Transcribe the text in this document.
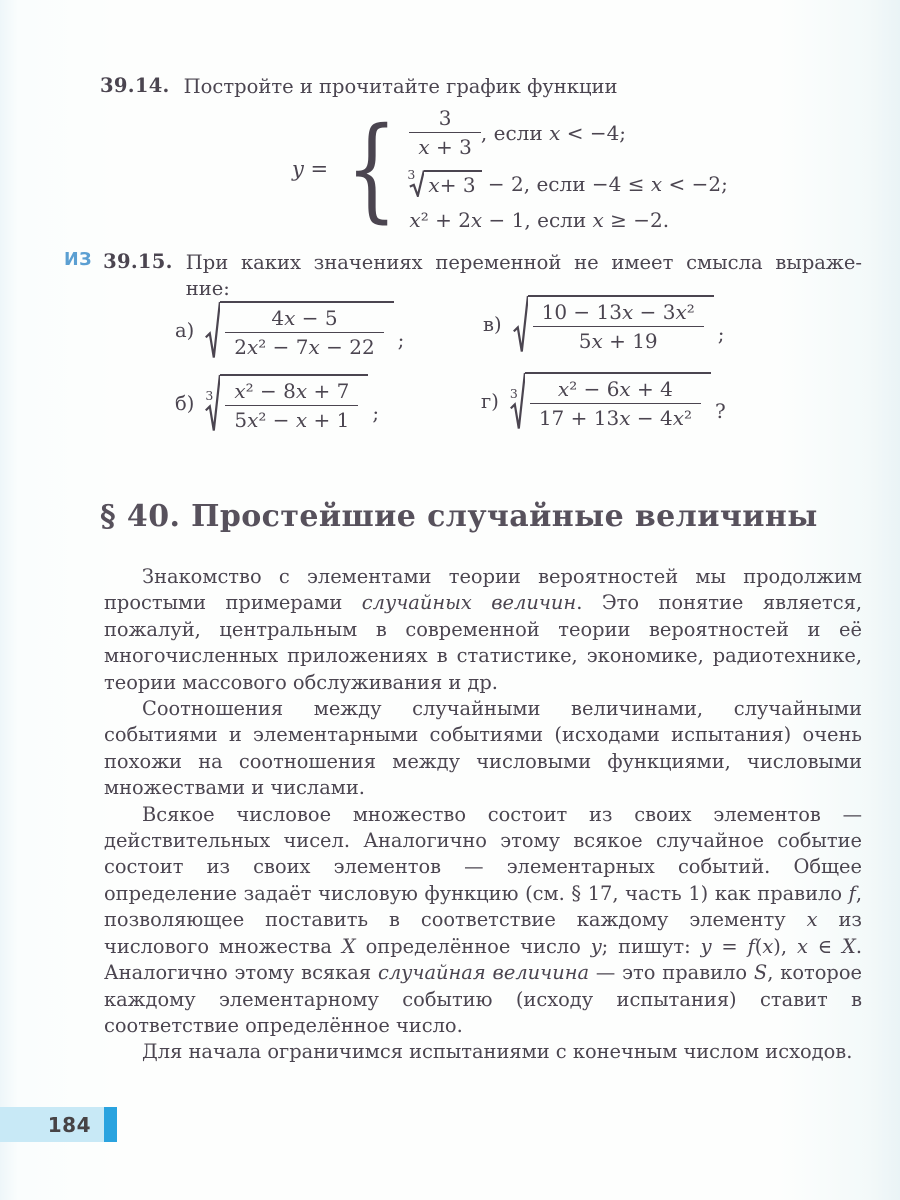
39.14. Постройте и прочитайте график функции
y = { $\frac{3}{x + 3}$ , если x < −4;
3 x + 3 − 2, если −4 ≤ x < −2;
x² + 2x − 1, если x ≥ −2.
ИЗ 39.15. При каких значениях переменной не имеет смысла выраже-
ние:
$а) \frac{4x - 5}{\text{2x² − 7x − 22}}$ ;
$в) \frac{\text{10 − 13x − 3x²}}{5x + 19}$ ;
б) $3 \frac{\text{x² − 8x + 7}}{\text{5x² − x + 1}}$ ;	г) $3 \frac{\text{x² − 6x + 4}}{\text{17 + 13x − 4x²}}$ ?
§ 40. Простейшие случайные величины

Знакомство с элементами теории вероятностей мы продолжим простыми примерами случайных величин. Это понятие является, пожалуй, центральным в современной теории вероятностей и её многочисленных приложениях в статистике, экономике, радиотехнике, теории массового обслуживания и др.

Соотношения между случайными величинами, случайными событиями и элементарными событиями (исходами испытания) очень похожи на соотношения между числовыми функциями, числовыми множествами и числами.

Всякое числовое множество состоит из своих элементов — действительных чисел. Аналогично этому всякое случайное событие состоит из своих элементов — элементарных событий. Общее определение задаёт числовую функцию (см. § 17, часть 1) как правило f, позволяющее поставить в соответствие каждому элементу x из числового множества X определённое число y; пишут: y = f(x), x ∈ X. Аналогично этому всякая случайная величина — это правило S, которое каждому элементарному событию (исходу испытания) ставит в соответствие определённое число.

Для начала ограничимся испытаниями с конечным числом исходов.

184
